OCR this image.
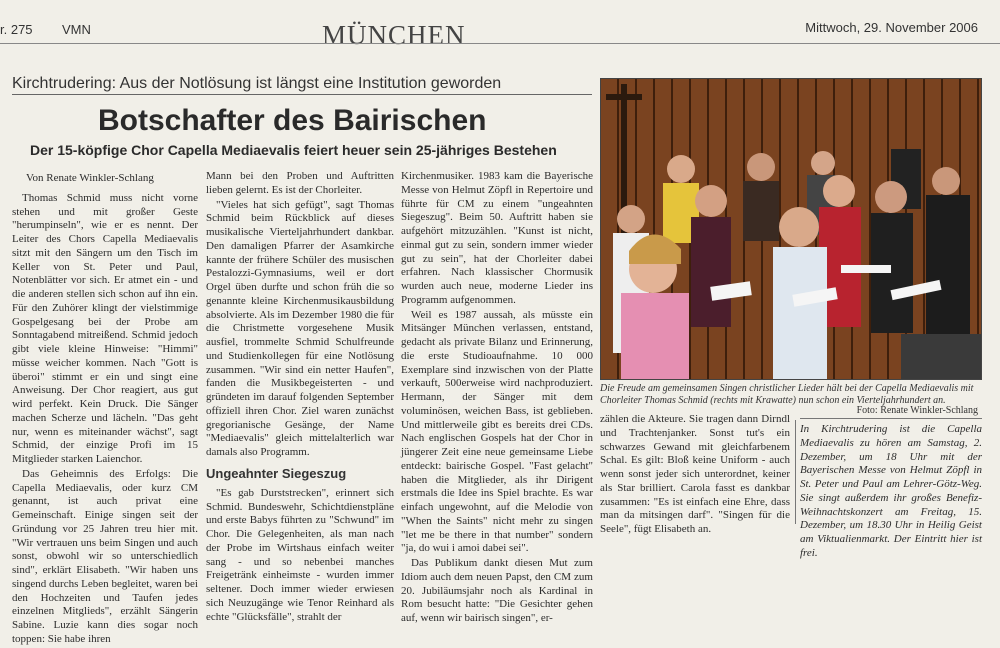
r. 275 VMN	MÜNCHEN	Mittwoch, 29. November 2006
Kirchtrudering: Aus der Notlösung ist längst eine Institution geworden
Botschafter des Bairischen
Der 15-köpfige Chor Capella Mediaevalis feiert heuer sein 25-jähriges Bestehen

Von Renate Winkler-Schlang

Thomas Schmid muss nicht vorne stehen und mit großer Geste "herumpinseln", wie er es nennt. Der Leiter des Chors Capella Mediaevalis sitzt mit den Sängern um den Tisch im Keller von St. Peter und Paul, Notenblätter vor sich. Er atmet ein - und die anderen stellen sich schon auf ihn ein. Für den Zuhörer klingt der vielstimmige Gospelgesang bei der Probe am Sonntagabend mitreißend. Schmid jedoch gibt viele kleine Hinweise: "Himmi" müsse weicher kommen. Nach "Gott is überoi" stimmt er ein und singt eine Anweisung. Der Chor reagiert, aus gut wird perfekt. Kein Druck. Die Sänger machen Scherze und lächeln. "Das geht nur, wenn es miteinander wächst", sagt Schmid, der einzige Profi im 15 Mitglieder starken Laienchor.

Das Geheimnis des Erfolgs: Die Capella Mediaevalis, oder kurz CM genannt, ist auch privat eine Gemeinschaft. Einige singen seit der Gründung vor 25 Jahren treu hier mit. "Wir vertrauen uns beim Singen und auch sonst, obwohl wir so unterschiedlich sind", erklärt Elisabeth. "Wir haben uns singend durchs Leben begleitet, waren bei den Hochzeiten und Taufen jedes einzelnen Mitglieds", erzählt Sängerin Sabine. Luzie kann dies sogar noch toppen: Sie habe ihren

Mann bei den Proben und Auftritten lieben gelernt. Es ist der Chorleiter.

"Vieles hat sich gefügt", sagt Thomas Schmid beim Rückblick auf dieses musikalische Vierteljahrhundert dankbar. Den damaligen Pfarrer der Asamkirche kannte der frühere Schüler des musischen Pestalozzi-Gymnasiums, weil er dort Orgel üben durfte und schon früh die so genannte kleine Kirchenmusikausbildung absolvierte. Als im Dezember 1980 die für die Christmette vorgesehene Musik ausfiel, trommelte Schmid Schulfreunde und Studienkollegen für eine Notlösung zusammen. "Wir sind ein netter Haufen", fanden die Musikbegeisterten - und gründeten im darauf folgenden September offiziell ihren Chor. Ziel waren zunächst gregorianische Gesänge, der Name "Mediaevalis" gleich mittelalterlich war damals also Programm.

Ungeahnter Siegeszug

"Es gab Durststrecken", erinnert sich Schmid. Bundeswehr, Schichtdienstpläne und erste Babys führten zu "Schwund" im Chor. Die Gelegenheiten, als man nach der Probe im Wirtshaus einfach weiter sang - und so nebenbei manches Freigetränk einheimste - wurden immer seltener. Doch immer wieder erwiesen sich Neuzugänge wie Tenor Reinhard als echte "Glücksfälle", strahlt der

Kirchenmusiker. 1983 kam die Bayerische Messe von Helmut Zöpfl in Repertoire und führte für CM zu einem "ungeahnten Siegeszug". Beim 50. Auftritt haben sie aufgehört mitzuzählen. "Kunst ist nicht, einmal gut zu sein, sondern immer wieder gut zu sein", hat der Chorleiter dabei erfahren. Nach klassischer Chormusik wurden auch neue, moderne Lieder ins Programm aufgenommen.

Weil es 1987 aussah, als müsste ein Mitsänger München verlassen, entstand, gedacht als private Bilanz und Erinnerung, die erste Studioaufnahme. 10 000 Exemplare sind inzwischen von der Platte verkauft, 500erweise wird nachproduziert. Hermann, der Sänger mit dem voluminösen, weichen Bass, ist geblieben. Und mittlerweile gibt es bereits drei CDs. Nach englischen Gospels hat der Chor in jüngerer Zeit eine neue gemeinsame Liebe entdeckt: bairische Gospel. "Fast gelacht" haben die Mitglieder, als ihr Dirigent erstmals die Idee ins Spiel brachte. Es war einfach ungewohnt, auf die Melodie von "When the Saints" nicht mehr zu singen "let me be there in that number" sondern "ja, do wui i amoi dabei sei".

Das Publikum dankt diesen Mut zum Idiom auch dem neuen Papst, den CM zum 20. Jubiläumsjahr noch als Kardinal in Rom besucht hatte: "Die Gesichter gehen auf, wenn wir bairisch singen", er-

Die Freude am gemeinsamen Singen christlicher Lieder hält bei der Capella Mediaevalis mit Chorleiter Thomas Schmid (rechts mit Krawatte) nun schon ein Vierteljahrhundert an.
Foto: Renate Winkler-Schlang

zählen die Akteure. Sie tragen dann Dirndl und Trachtenjanker. Sonst tut's ein schwarzes Gewand mit gleichfarbenem Schal. Es gilt: Bloß keine Uniform - auch wenn sonst jeder sich unterordnet, keiner als Star brilliert. Carola fasst es dankbar zusammen: "Es ist einfach eine Ehre, dass man da mitsingen darf". "Singen für die Seele", fügt Elisabeth an.

In Kirchtrudering ist die Capella Mediaevalis zu hören am Samstag, 2. Dezember, um 18 Uhr mit der Bayerischen Messe von Helmut Zöpfl in St. Peter und Paul am Lehrer-Götz-Weg. Sie singt außerdem ihr großes Benefiz-Weihnachtskonzert am Freitag, 15. Dezember, um 18.30 Uhr in Heilig Geist am Viktualienmarkt. Der Eintritt hier ist frei.
